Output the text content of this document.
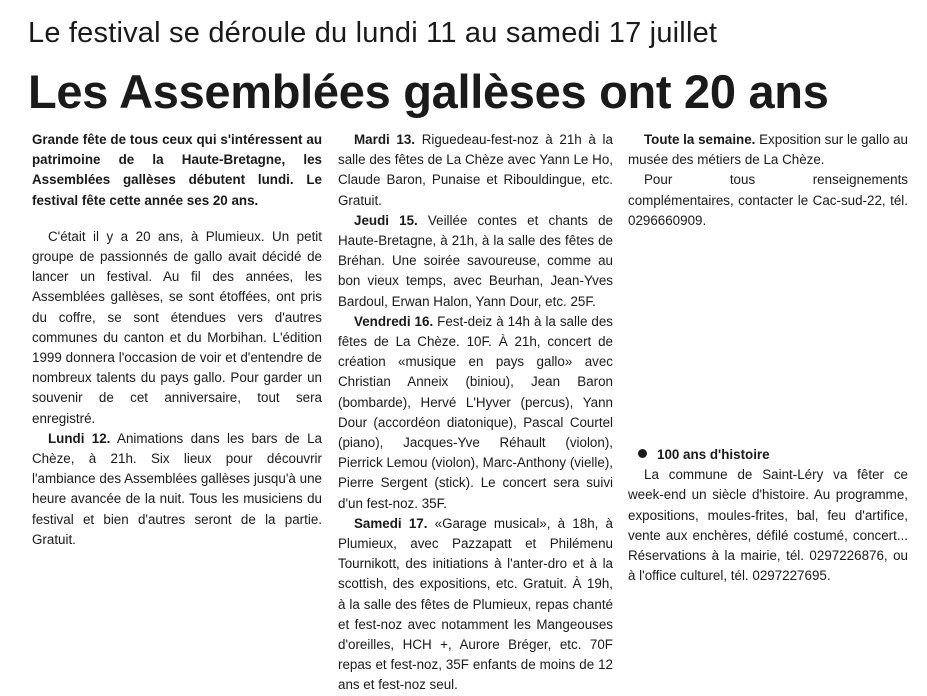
Le festival se déroule du lundi 11 au samedi 17 juillet
Les Assemblées gallèses ont 20 ans

Grande fête de tous ceux qui s'intéressent au patrimoine de la Haute-Bretagne, les Assemblées gallèses débutent lundi. Le festival fête cette année ses 20 ans.

C'était il y a 20 ans, à Plumieux. Un petit groupe de passionnés de gallo avait décidé de lancer un festival. Au fil des années, les Assemblées gallèses, se sont étoffées, ont pris du coffre, se sont étendues vers d'autres communes du canton et du Morbihan. L'édition 1999 donnera l'occasion de voir et d'entendre de nombreux talents du pays gallo. Pour garder un souvenir de cet anniversaire, tout sera enregistré.

Lundi 12. Animations dans les bars de La Chèze, à 21h. Six lieux pour découvrir l'ambiance des Assemblées gallèses jusqu'à une heure avancée de la nuit. Tous les musiciens du festival et bien d'autres seront de la partie. Gratuit.

Mardi 13. Riguedeau-fest-noz à 21h à la salle des fêtes de La Chèze avec Yann Le Ho, Claude Baron, Punaise et Ribouldingue, etc. Gratuit.

Jeudi 15. Veillée contes et chants de Haute-Bretagne, à 21h, à la salle des fêtes de Bréhan. Une soirée savoureuse, comme au bon vieux temps, avec Beurhan, Jean-Yves Bardoul, Erwan Halon, Yann Dour, etc. 25F.

Vendredi 16. Fest-deiz à 14h à la salle des fêtes de La Chèze. 10F. À 21h, concert de création «musique en pays gallo» avec Christian Anneix (biniou), Jean Baron (bombarde), Hervé L'Hyver (percus), Yann Dour (accordéon diatonique), Pascal Courtel (piano), Jacques-Yve Réhault (violon), Pierrick Lemou (violon), Marc-Anthony (vielle), Pierre Sergent (stick). Le concert sera suivi d'un fest-noz. 35F.

Samedi 17. «Garage musical», à 18h, à Plumieux, avec Pazzapatt et Philémenu Tournikott, des initiations à l'anter-dro et à la scottish, des expositions, etc. Gratuit. À 19h, à la salle des fêtes de Plumieux, repas chanté et fest-noz avec notamment les Mangeouses d'oreilles, HCH +, Aurore Bréger, etc. 70F repas et fest-noz, 35F enfants de moins de 12 ans et fest-noz seul.

Toute la semaine. Exposition sur le gallo au musée des métiers de La Chèze.

Pour tous renseignements complémentaires, contacter le Cac-sud-22, tél. 0296660909.

100 ans d'histoire

La commune de Saint-Léry va fêter ce week-end un siècle d'histoire. Au programme, expositions, moules-frites, bal, feu d'artifice, vente aux enchères, défilé costumé, concert... Réservations à la mairie, tél. 0297226876, ou à l'office culturel, tél. 0297227695.
